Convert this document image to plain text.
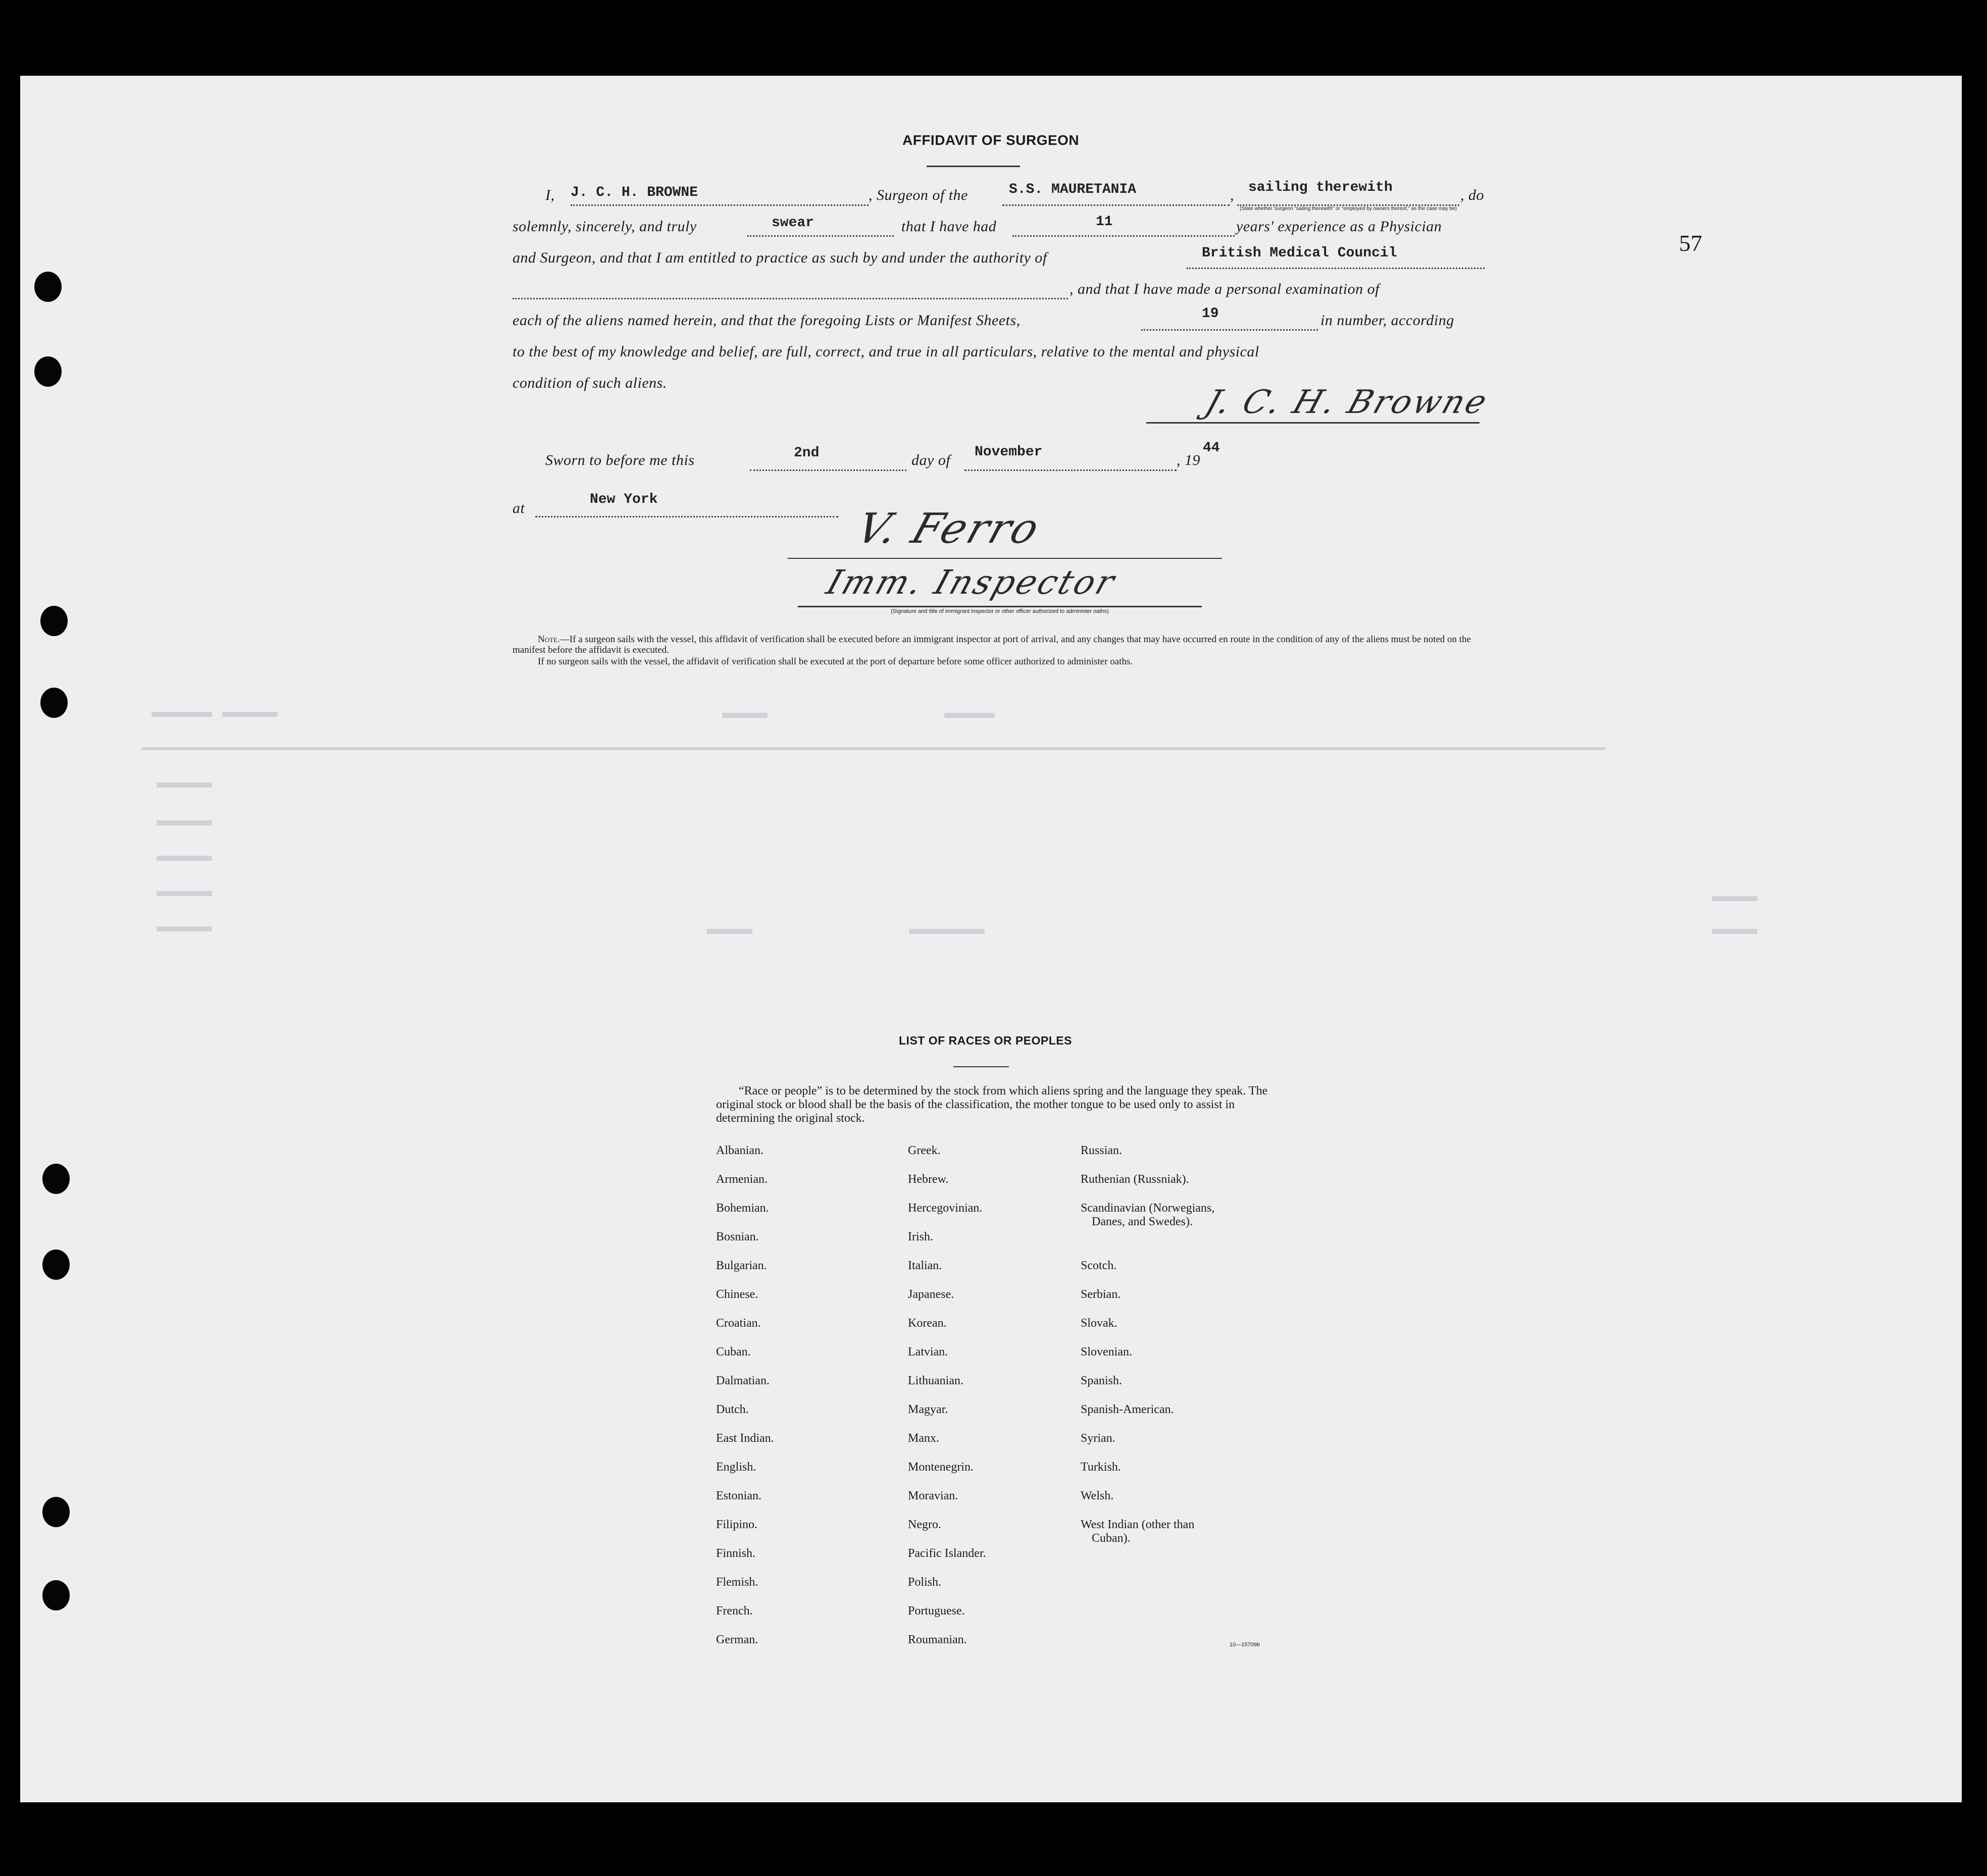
57
AFFIDAVIT OF SURGEON
I, J. C. H. BROWNE	, Surgeon of the	S.S. MAURETANIA	, sailing therewith	, do
(State whether Surgeon "sailing therewith" or "employed by owners thereof," as the case may be)
solemnly, sincerely, and truly	swear	that I have had	11	years' experience as a Physician
and Surgeon, and that I am entitled to practice as such by and under the authority of	British Medical Council
, and that I have made a personal examination of
each of the aliens named herein, and that the foregoing Lists or Manifest Sheets,	19	in number, according
to the best of my knowledge and belief, are full, correct, and true in all particulars, relative to the mental and physical
condition of such aliens.
J. C. H. Browne
Sworn to before me this	2nd	day of November	, 19
44
at
New York
V. Ferro
Imm. Inspector
(Signature and title of immigrant inspector or other officer authorized to administer oaths)
Note.—If a surgeon sails with the vessel, this affidavit of verification shall be executed before an immigrant inspector at port of arrival, and any changes that may have occurred en route in the condition of any of the aliens must be noted on the manifest before the affidavit is executed.
If no surgeon sails with the vessel, the affidavit of verification shall be executed at the port of departure before some officer authorized to administer oaths.
LIST OF RACES OR PEOPLES
“Race or people” is to be determined by the stock from which aliens spring and the language they speak. The original stock or blood shall be the basis of the classification, the mother tongue to be used only to assist in determining the original stock.
Albanian.
Armenian.
Bohemian.
Bosnian.
Bulgarian.
Chinese.
Croatian.
Cuban.
Dalmatian.
Dutch.
East Indian.
English.
Estonian.
Filipino.
Finnish.
Flemish.
French.
German.
Greek.
Hebrew.
Hercegovinian.
Irish.
Italian.
Japanese.
Korean.
Latvian.
Lithuanian.
Magyar.
Manx.
Montenegrin.
Moravian.
Negro.
Pacific Islander.
Polish.
Portuguese.
Roumanian.
Russian.
Ruthenian (Russniak).
Scandinavian (Norwegians,
Danes, and Swedes).
Scotch.
Serbian.
Slovak.
Slovenian.
Spanish.
Spanish-American.
Syrian.
Turkish.
Welsh.
West Indian (other than
Cuban).
10—15709b
